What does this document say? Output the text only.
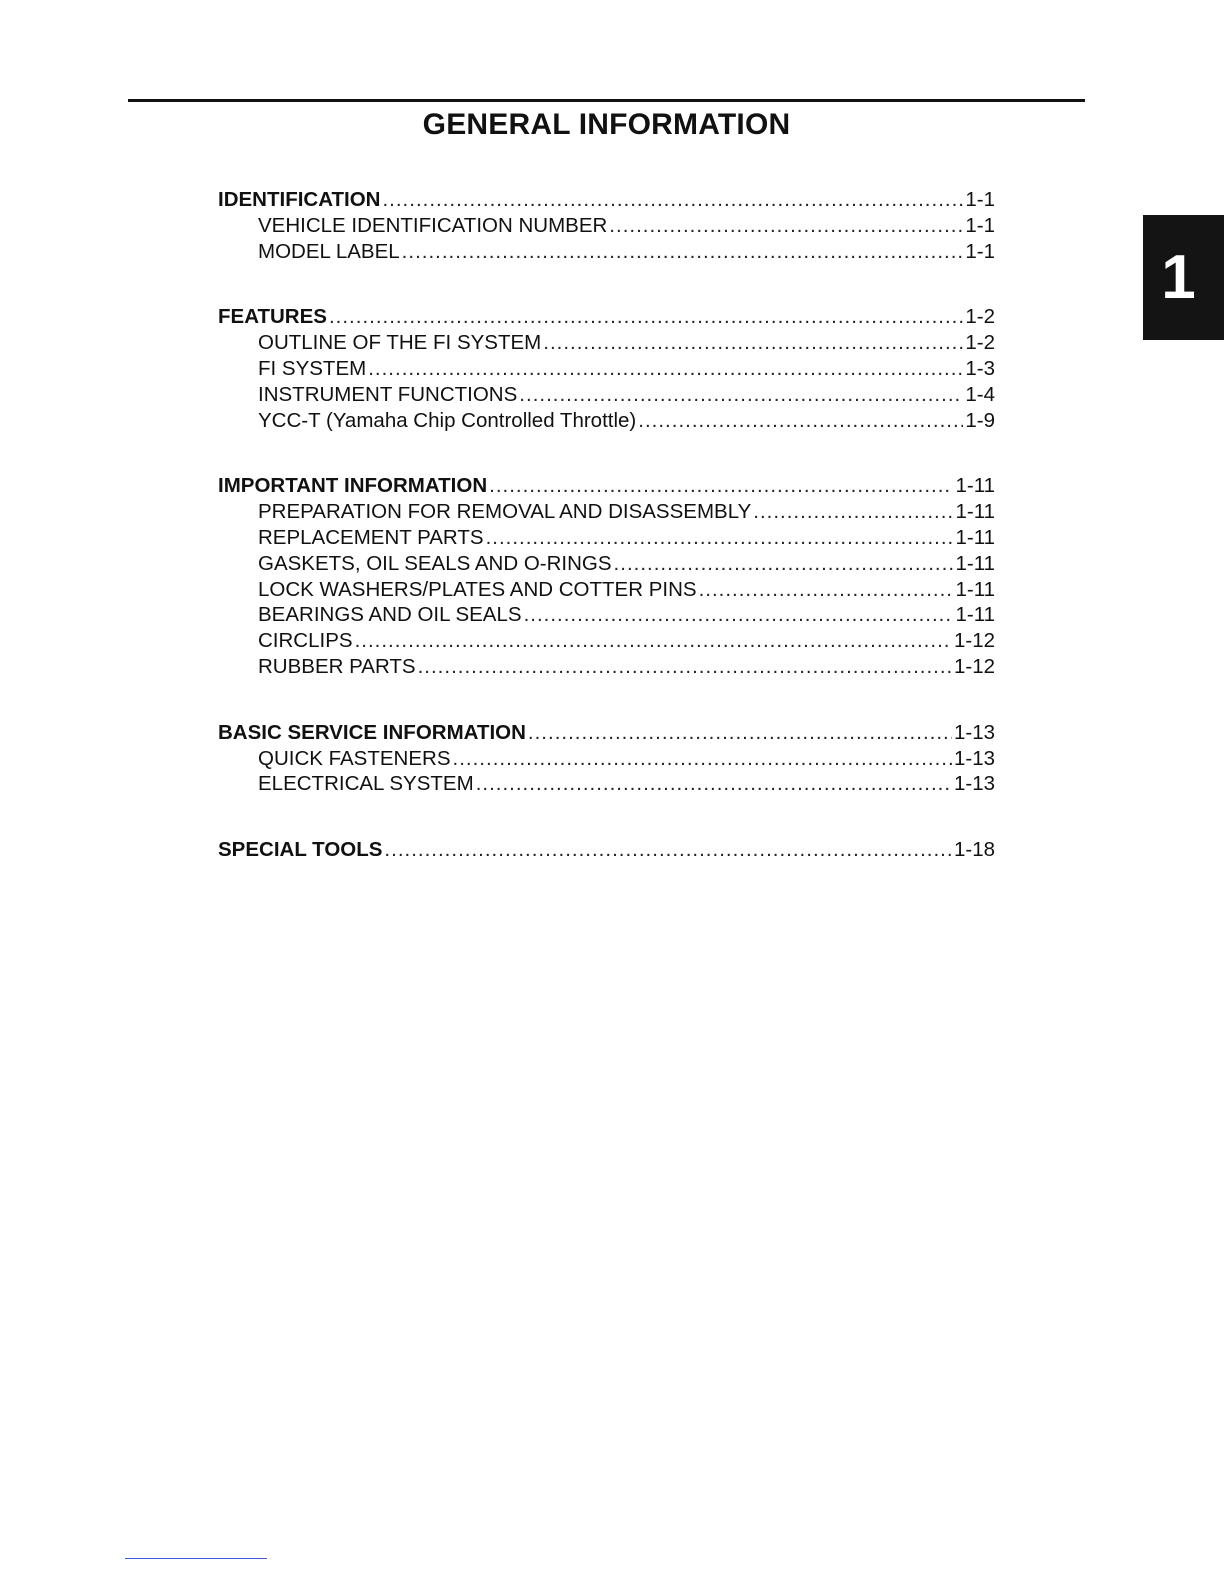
GENERAL INFORMATION
1
IDENTIFICATION .....	1-1
VEHICLE IDENTIFICATION NUMBER .....	1-1
MODEL LABEL .....	1-1
FEATURES .....	1-2
OUTLINE OF THE FI SYSTEM .....	1-2
FI SYSTEM .....	1-3
INSTRUMENT FUNCTIONS .....	1-4
YCC-T (Yamaha Chip Controlled Throttle) .....	1-9
IMPORTANT INFORMATION .....	1-11
PREPARATION FOR REMOVAL AND DISASSEMBLY .....	1-11
REPLACEMENT PARTS .....	1-11
GASKETS, OIL SEALS AND O-RINGS .....	1-11
LOCK WASHERS/PLATES AND COTTER PINS .....	1-11
BEARINGS AND OIL SEALS .....	1-11
CIRCLIPS .....	1-12
RUBBER PARTS .....	1-12
BASIC SERVICE INFORMATION .....	1-13
QUICK FASTENERS .....	1-13
ELECTRICAL SYSTEM .....	1-13
SPECIAL TOOLS .....	1-18
